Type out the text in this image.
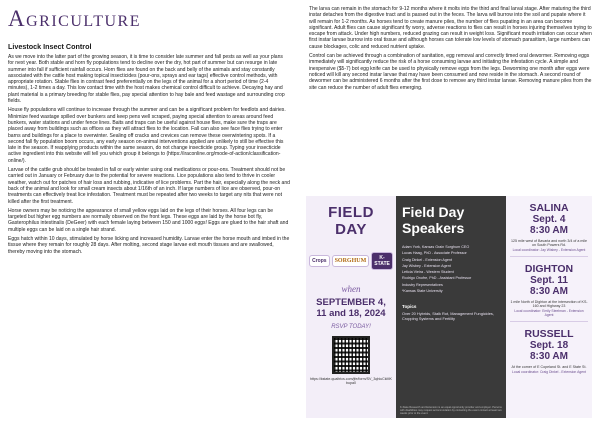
Agriculture
Livestock Insect Control

As we move into the latter part of the growing season, it is time to consider late summer and fall pests as well as your plans for next year. Both stable and horn fly populations tend to decline over the dry, hot part of summer but can resurge in late summer into fall if sufficient rainfall occurs. Horn flies are found on the back and belly of the animals and stay constantly associated with the cattle host making topical insecticides (pour-ons, sprays and ear tags) effective control methods, with appropriate rotation. Stable flies in contrast feed preferentially on the legs of the animal for a short period of time (2-4 minutes), 1-2 times a day. This low contact time with the host makes chemical control difficult to achieve. Decaying hay and plant material is a primary breeding for stable flies, pay special attention to hay bale and feed wastage and surrounding crop fields.

House fly populations will continue to increase through the summer and can be a significant problem for feedlots and dairies. Minimize feed wastage spilled over bunkers and keep pens well scraped, paying special attention to areas around feed bunkers, water stations and under fence lines. Baits and traps can be useful against house flies, make sure the traps are placed away from buildings such as offices as they will attract flies to the location. Fall can also see face flies trying to enter barns and buildings for a place to overwinter. Sealing off cracks and crevices can remove these overwintering spots. If a second fall fly population boom occurs, any early season on-animal interventions applied are unlikely to still be effective this late in the season. If reapplying products within the same season, do not change insecticide group. Typing your insecticide active ingredient into this website will tell you which group it belongs to (https://iraconline.org/mode-of-action/classification-online/).

Larvae of the cattle grub should be treated in fall or early winter using oral medications or pour-ons. Treatment should not be carried out in January or February due to the potential for severe reactions. Lice populations also tend to thrive in cooler weather, watch out for patches of hair loss and rubbing, indicative of lice problems. Part the hair, especially along the neck and back of the animal and look for small cream insects about 1/16th of an inch. If large numbers of lice are observed, pour-on treatments can effectively treat lice infestation. Treatment must be repeated after two weeks to target any nits that were not killed after the first treatment.

Horse owners may be noticing the appearance of small yellow eggs laid on the legs of their horses. All four legs can be targeted but higher egg numbers are normally observed on the front legs. These eggs are laid by the horse bot fly, Gasterophilus intestinalis (DeGeer) with each female laying between 150 and 1000 eggs! Eggs are glued to the hair shaft and multiple eggs can be laid on a single hair strand.

Eggs hatch within 10 days, stimulated by horse licking and increased humidity. Larvae enter the horse mouth and imbed in the tissue where they remain for roughly 28 days. After molting, second stage larvae exit mouth tissues and are swallowed, thereby moving into the stomach.

The larva can remain in the stomach for 9-12 months where it molts into the third and final larval stage. After maturing the third instar detaches from the digestive tract and is passed out in the feces. The larva will burrow into the soil and pupate where it will remain for 1-2 months. As horses tend to create manure piles, the number of flies pupating in an area can become significant. Adult flies can cause significant fly worry, adverse reactions to flies can result in horses injuring themselves trying to escape from attack. Under high numbers, reduced grazing can result in weight loss. Significant mouth irritation can occur when first instar larvae burrow into oral tissue and although horses can tolerate low levels of stomach parasitism, large numbers can cause blockages, colic and reduced nutrient uptake.

Control can be achieved through a combination of sanitation, egg removal and correctly timed oral dewormer. Removing eggs immediately will significantly reduce the risk of a horse consuming larvae and initiating the infestation cycle. A simple and inexpensive ($5-7) bot egg knife can be used to physically remove eggs from the legs. Deworming one month after eggs were noticed will kill any second instar larvae that may have been consumed and now reside in the stomach. A second round of dewormer can be administered 6 months after the first dose to remove any third instar larvae. Removing manure piles from the site can reduce the number of adult flies emerging.

FIELD DAY
Crops	SORGHUM	K-STATE
when
SEPTEMBER 4, 11 and 18, 2024
RSVP TODAY!
https://kstate.qualtrics.com/jfe/form/SV_3qhiuCkMKbupa0
Field Day Speakers
Adam York, Kansas Grain Sorghum CEO
Lucas Haag, PhD - Associate Professor
Craig Dinkel - Extension Agent
Jay Wisbey - Extension Agent
Leticia Vieira - Western Student
Rodrigo Onofre, PhD - Assistant Professor
Industry Representatives
*Kansas State University
Topics
Over 20 Hybrids, Stalk Rot, Management Fungicides, Cropping Systems and Fertility
K-State Research and Extension is an equal opportunity provider and employer. Persons with disabilities may request accommodation by contacting the event contact at least two weeks prior to the event.
SALINA
Sept. 4
8:30 AM
125 mile west of Bavaria and north 3/4 of a mile on South Powers Rd.
Local coordinator: Jay Wisbey - Extension Agent
DIGHTON
Sept. 11
8:30 AM
1 mile North of Dighton at the intersection of KS-160 and Highway 23
Local coordinator: Emily Steelman - Extension Agent
RUSSELL
Sept. 18
8:30 AM
At the corner of E Copeland St. and E State St.
Local coordinator: Craig Dinkel - Extension Agent
